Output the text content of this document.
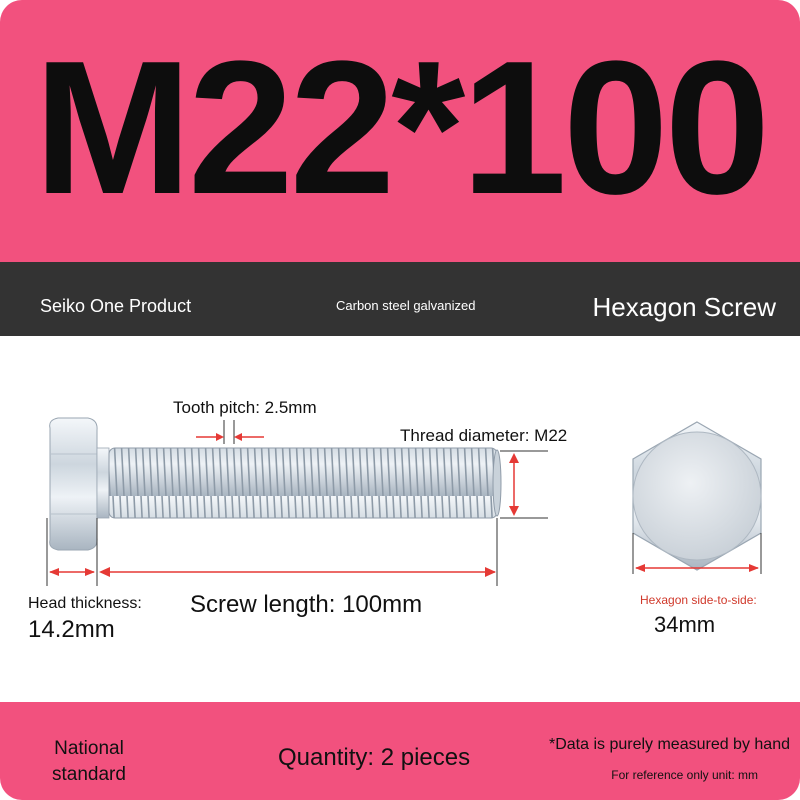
M22*100
Seiko One Product	Carbon steel galvanized	Hexagon Screw
Tooth pitch: 2.5mm
Thread diameter: M22
Head thickness:
14.2mm
Screw length: 100mm	Hexagon side-to-side:
34mm
National
standard
Quantity: 2 pieces	*Data is purely measured by hand
For reference only unit: mm
